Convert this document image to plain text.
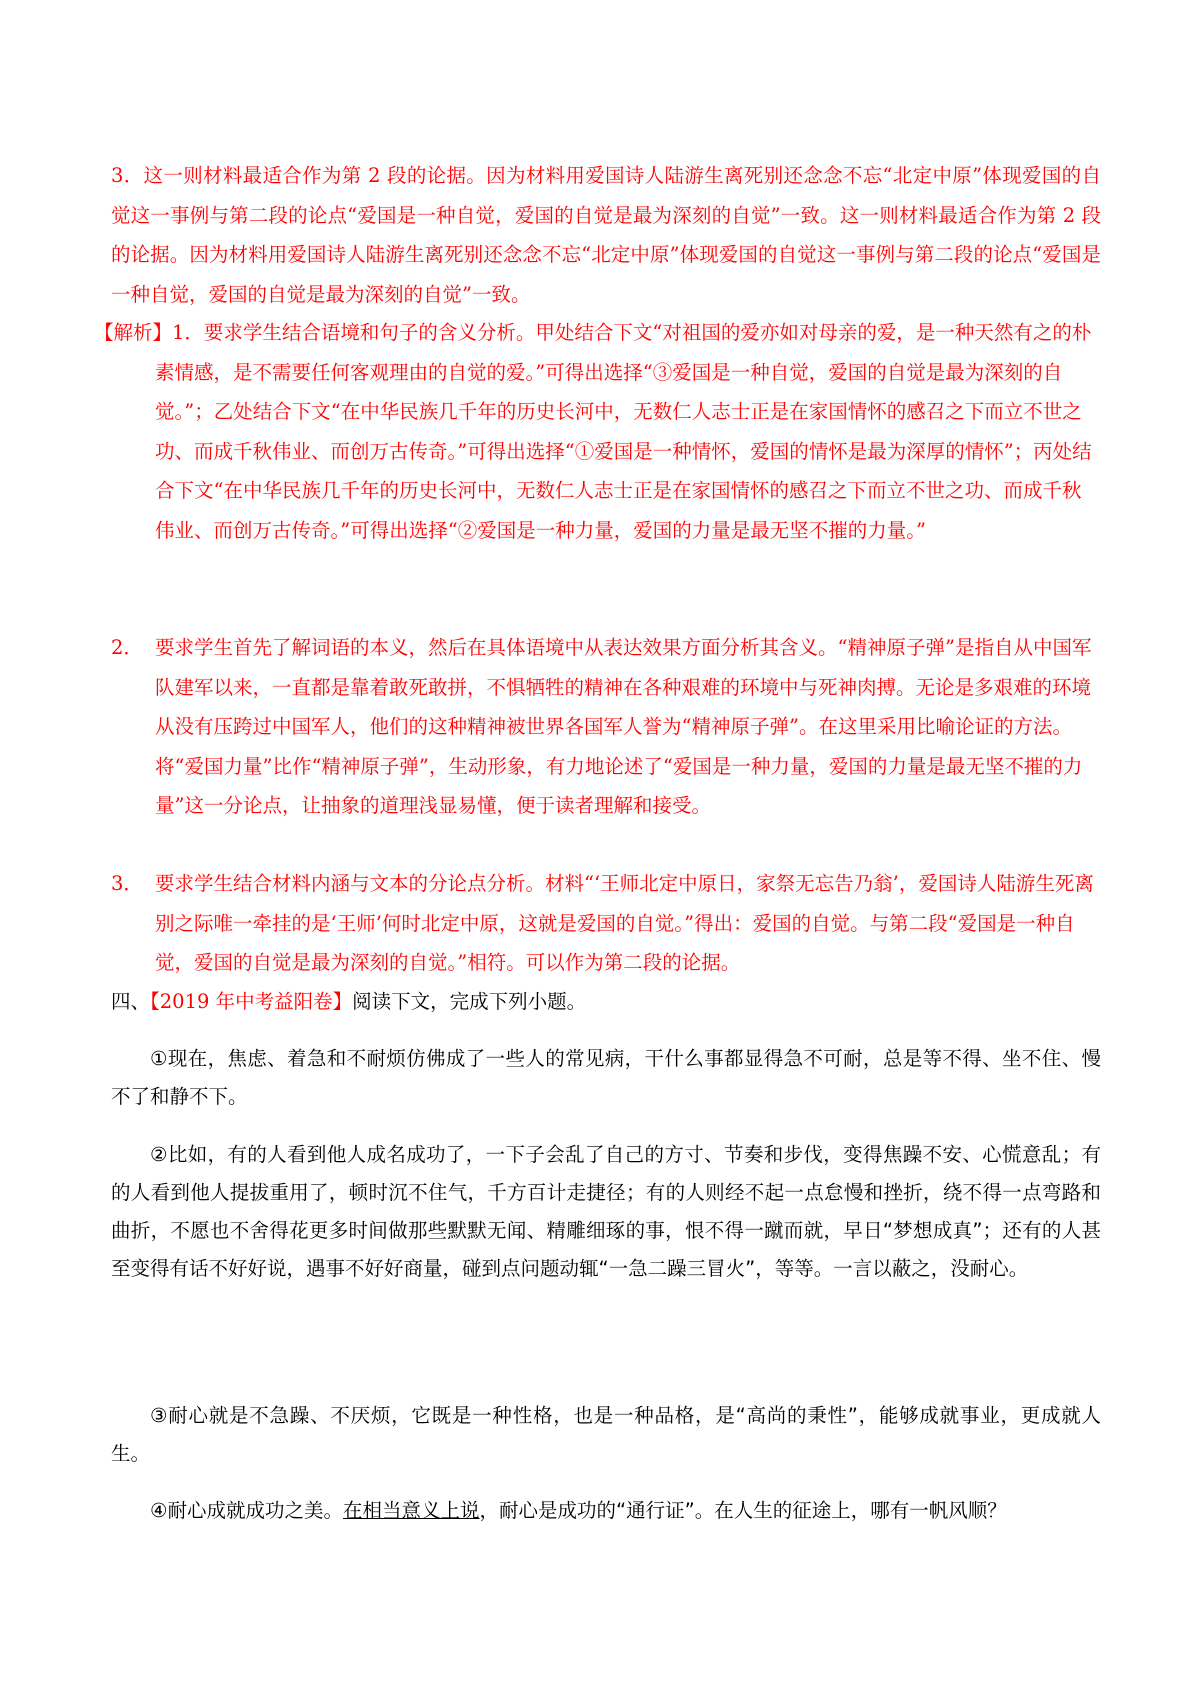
3．这一则材料最适合作为第 2 段的论据。因为材料用爱国诗人陆游生离死别还念念不忘“北定中原”体现爱国的自觉这一事例与第二段的论点“爱国是一种自觉，爱国的自觉是最为深刻的自觉”一致。这一则材料最适合作为第 2 段的论据。因为材料用爱国诗人陆游生离死别还念念不忘“北定中原”体现爱国的自觉这一事例与第二段的论点“爱国是一种自觉，爱国的自觉是最为深刻的自觉”一致。

【解析】1．要求学生结合语境和句子的含义分析。甲处结合下文“对祖国的爱亦如对母亲的爱，是一种天然有之的朴素情感，是不需要任何客观理由的自觉的爱。”可得出选择“③爱国是一种自觉，爱国的自觉是最为深刻的自觉。”；乙处结合下文“在中华民族几千年的历史长河中，无数仁人志士正是在家国情怀的感召之下而立不世之功、而成千秋伟业、而创万古传奇。”可得出选择“①爱国是一种情怀，爱国的情怀是最为深厚的情怀”；丙处结合下文“在中华民族几千年的历史长河中，无数仁人志士正是在家国情怀的感召之下而立不世之功、而成千秋伟业、而创万古传奇。”可得出选择“②爱国是一种力量，爱国的力量是最无坚不摧的力量。”

2． 要求学生首先了解词语的本义，然后在具体语境中从表达效果方面分析其含义。“精神原子弹”是指自从中国军队建军以来，一直都是靠着敢死敢拼，不惧牺牲的精神在各种艰难的环境中与死神肉搏。无论是多艰难的环境从没有压跨过中国军人，他们的这种精神被世界各国军人誉为“精神原子弹”。在这里采用比喻论证的方法。将“爱国力量”比作“精神原子弹”，生动形象，有力地论述了“爱国是一种力量，爱国的力量是最无坚不摧的力量”这一分论点，让抽象的道理浅显易懂，便于读者理解和接受。

3． 要求学生结合材料内涵与文本的分论点分析。材料“‘王师北定中原日，家祭无忘告乃翁’，爱国诗人陆游生死离别之际唯一牵挂的是‘王师’何时北定中原，这就是爱国的自觉。”得出：爱国的自觉。与第二段“爱国是一种自觉，爱国的自觉是最为深刻的自觉。”相符。可以作为第二段的论据。

四、【2019 年中考益阳卷】阅读下文，完成下列小题。

①现在，焦虑、着急和不耐烦仿佛成了一些人的常见病，干什么事都显得急不可耐，总是等不得、坐不住、慢不了和静不下。

②比如，有的人看到他人成名成功了，一下子会乱了自己的方寸、节奏和步伐，变得焦躁不安、心慌意乱；有的人看到他人提拔重用了，顿时沉不住气，千方百计走捷径；有的人则经不起一点怠慢和挫折，绕不得一点弯路和曲折，不愿也不舍得花更多时间做那些默默无闻、精雕细琢的事，恨不得一蹴而就，早日“梦想成真”；还有的人甚至变得有话不好好说，遇事不好好商量，碰到点问题动辄“一急二躁三冒火”，等等。一言以蔽之，没耐心。

③耐心就是不急躁、不厌烦，它既是一种性格，也是一种品格，是“高尚的秉性”，能够成就事业，更成就人生。

④耐心成就成功之美。在相当意义上说，耐心是成功的“通行证”。在人生的征途上，哪有一帆风顺？
